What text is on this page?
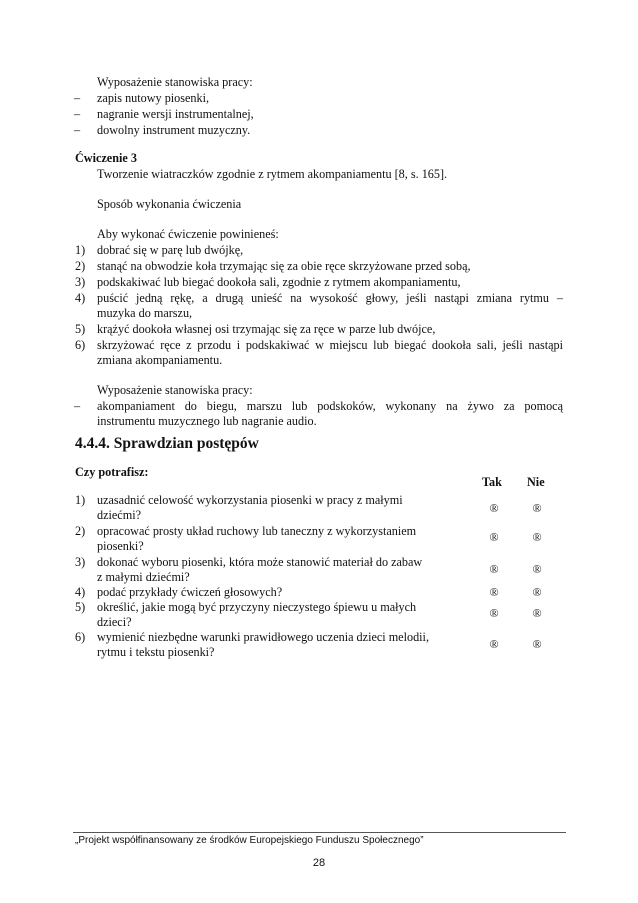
Wyposażenie stanowiska pracy:
– zapis nutowy piosenki,
– nagranie wersji instrumentalnej,
– dowolny instrument muzyczny.
Ćwiczenie 3
Tworzenie wiatraczków zgodnie z rytmem akompaniamentu [8, s. 165].
Sposób wykonania ćwiczenia
Aby wykonać ćwiczenie powinieneś:
1) dobrać się w parę lub dwójkę,
2) stanąć na obwodzie koła trzymając się za obie ręce skrzyżowane przed sobą,
3) podskakiwać lub biegać dookoła sali, zgodnie z rytmem akompaniamentu,
4) puścić jedną rękę, a drugą unieść na wysokość głowy, jeśli nastąpi zmiana rytmu –
muzyka do marszu,
5) krążyć dookoła własnej osi trzymając się za ręce w parze lub dwójce,
6) skrzyżować ręce z przodu i podskakiwać w miejscu lub biegać dookoła sali, jeśli nastąpi
zmiana akompaniamentu.
Wyposażenie stanowiska pracy:
– akompaniament do biegu, marszu lub podskoków, wykonany na żywo za pomocą
instrumentu muzycznego lub nagranie audio.
4.4.4. Sprawdzian postępów
Czy potrafisz:
Tak Nie
1) uzasadnić celowość wykorzystania piosenki w pracy z małymi
dziećmi?	®	®
2) opracować prosty układ ruchowy lub taneczny z wykorzystaniem
piosenki?
®	®
3) dokonać wyboru piosenki, która może stanowić materiał do zabaw
z małymi dziećmi?
®	®
4) podać przykłady ćwiczeń głosowych?	®	®
5) określić, jakie mogą być przyczyny nieczystego śpiewu u małych
dzieci?
®	®
6) wymienić niezbędne warunki prawidłowego uczenia dzieci melodii,
rytmu i tekstu piosenki?
®	®
„Projekt współfinansowany ze środków Europejskiego Funduszu Społecznego”
28
